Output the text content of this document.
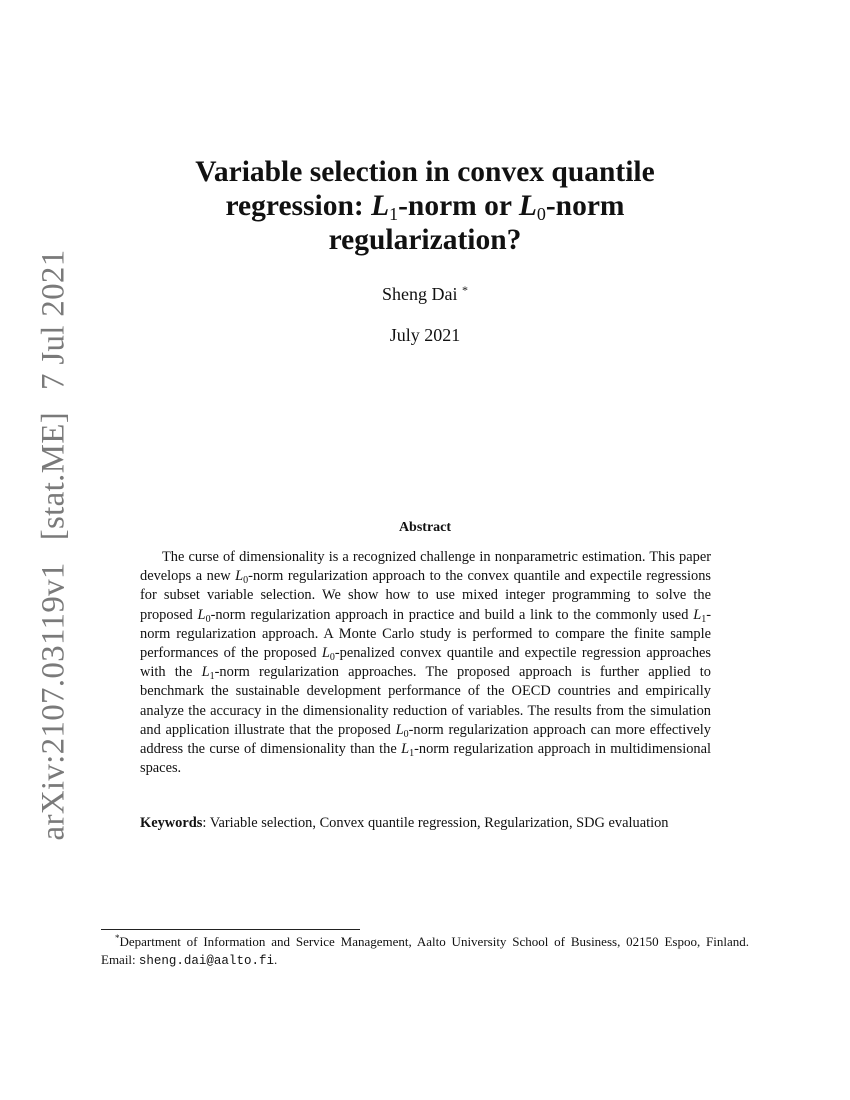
arXiv:2107.03119v1[stat.ME]7 Jul 2021
Variable selection in convex quantile
regression: $L_1$-norm or $L_0$-norm
regularization?
Sheng Dai *
July 2021
Abstract
The curse of dimensionality is a recognized challenge in nonparametric estimation. This paper develops a new $L_0$-norm regularization approach to the convex quantile and expectile regressions for subset variable selection. We show how to use mixed integer programming to solve the proposed $L_0$-norm regularization approach in practice and build a link to the commonly used $L_1$-norm regularization approach. A Monte Carlo study is performed to compare the finite sample performances of the proposed $L_0$-penalized convex quantile and expectile regression approaches with the $L_1$-norm regularization approaches. The proposed approach is further applied to benchmark the sustainable development performance of the OECD countries and empirically analyze the accuracy in the dimensionality reduction of variables. The results from the simulation and application illustrate that the proposed $L_0$-norm regularization approach can more effectively address the curse of dimensionality than the $L_1$-norm regularization approach in multidimensional spaces.
Keywords: Variable selection, Convex quantile regression, Regularization, SDG evaluation
*Department of Information and Service Management, Aalto University School of Business, 02150 Espoo, Finland. Email: sheng.dai@aalto.fi.
